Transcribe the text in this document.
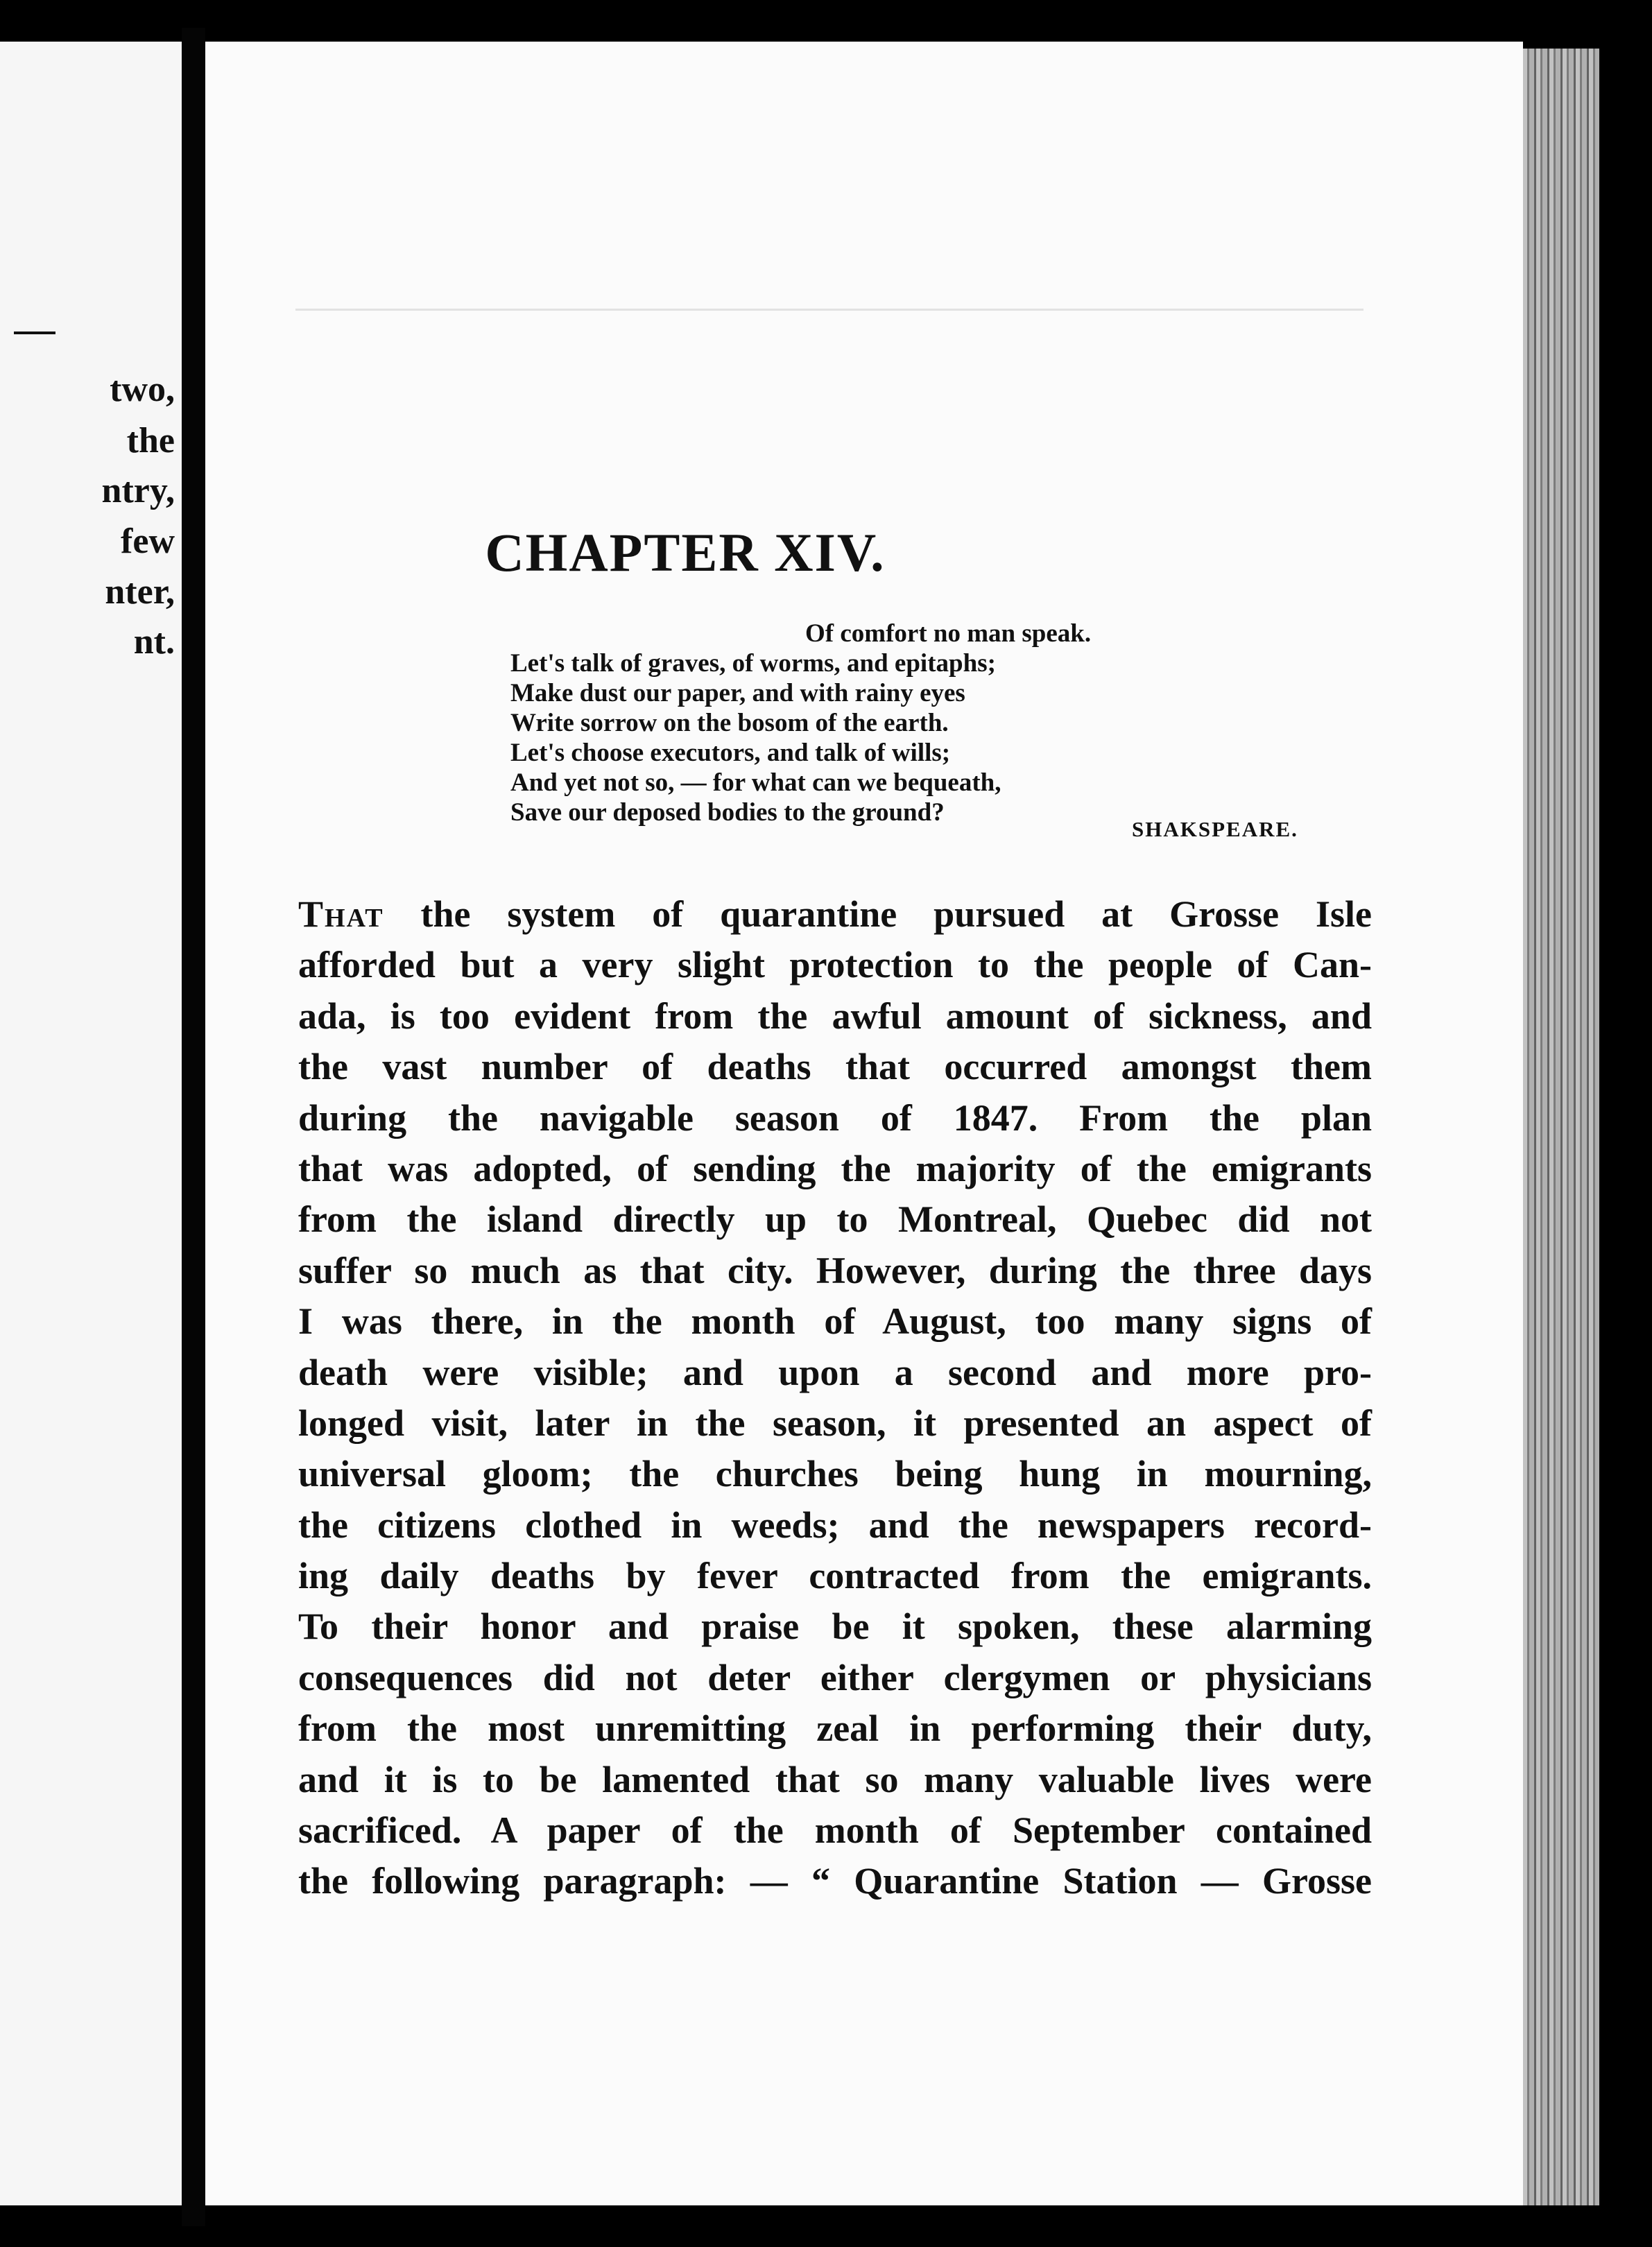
two,
the
ntry,
few
nter,
nt.
CHAPTER XIV.
Of comfort no man speak.
Let's talk of graves, of worms, and epitaphs;
Make dust our paper, and with rainy eyes
Write sorrow on the bosom of the earth.
Let's choose executors, and talk of wills;
And yet not so, — for what can we bequeath,
Save our deposed bodies to the ground?
SHAKSPEARE.
That the system of quarantine pursued at Grosse Isle
afforded but a very slight protection to the people of Can-
ada, is too evident from the awful amount of sickness, and
the vast number of deaths that occurred amongst them
during the navigable season of 1847. From the plan
that was adopted, of sending the majority of the emigrants
from the island directly up to Montreal, Quebec did not
suffer so much as that city. However, during the three days
I was there, in the month of August, too many signs of
death were visible; and upon a second and more pro-
longed visit, later in the season, it presented an aspect of
universal gloom; the churches being hung in mourning,
the citizens clothed in weeds; and the newspapers record-
ing daily deaths by fever contracted from the emigrants.
To their honor and praise be it spoken, these alarming
consequences did not deter either clergymen or physicians
from the most unremitting zeal in performing their duty,
and it is to be lamented that so many valuable lives were
sacrificed. A paper of the month of September contained
the following paragraph: — “ Quarantine Station — Grosse
